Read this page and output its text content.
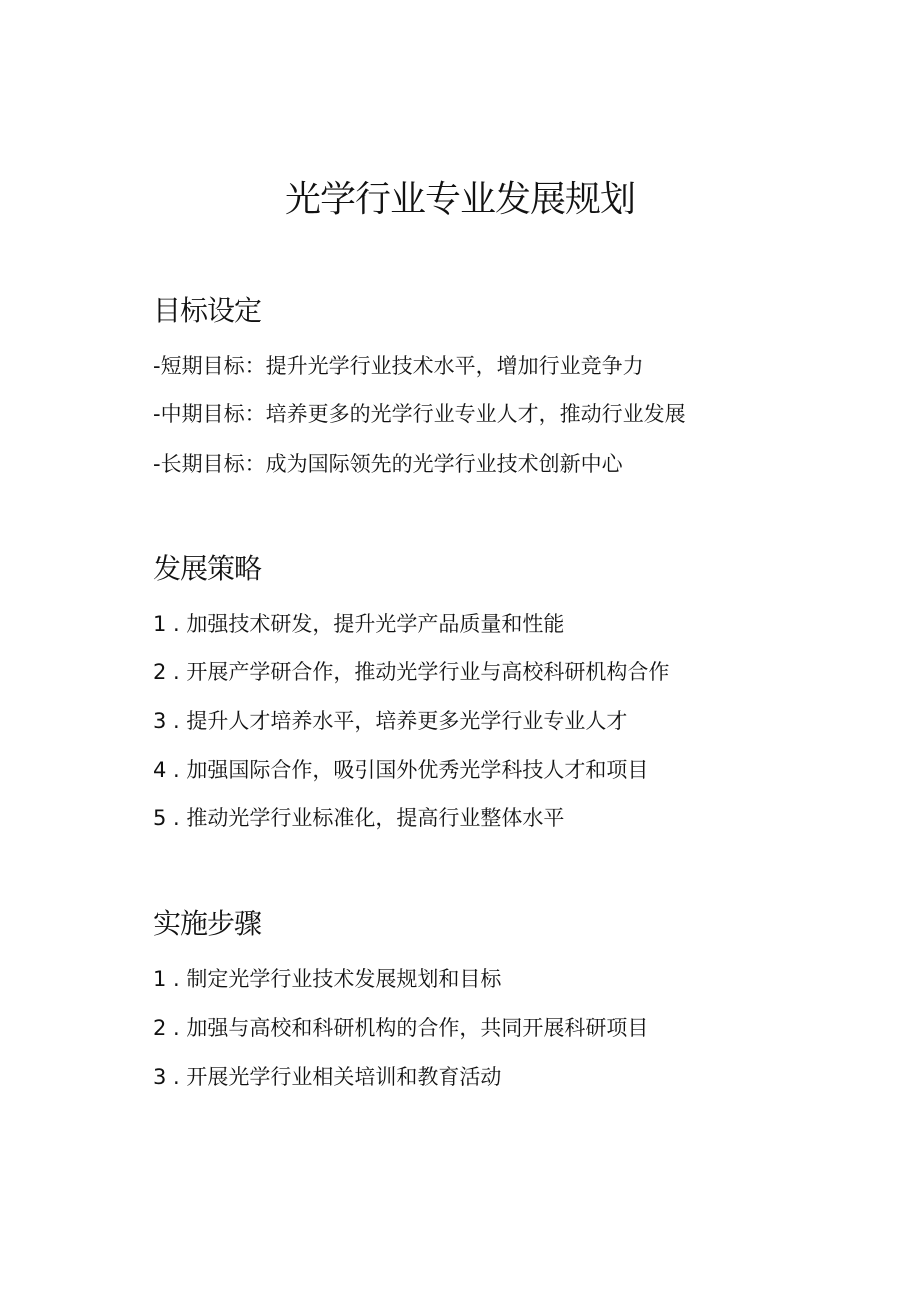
光学行业专业发展规划
目标设定

-短期目标：提升光学行业技术水平，增加行业竞争力

-中期目标：培养更多的光学行业专业人才，推动行业发展

-长期目标：成为国际领先的光学行业技术创新中心

发展策略

1 . 加强技术研发，提升光学产品质量和性能

2 . 开展产学研合作，推动光学行业与高校科研机构合作

3 . 提升人才培养水平，培养更多光学行业专业人才

4 . 加强国际合作，吸引国外优秀光学科技人才和项目

5 . 推动光学行业标准化，提高行业整体水平

实施步骤

1 . 制定光学行业技术发展规划和目标

2 . 加强与高校和科研机构的合作，共同开展科研项目

3 . 开展光学行业相关培训和教育活动
